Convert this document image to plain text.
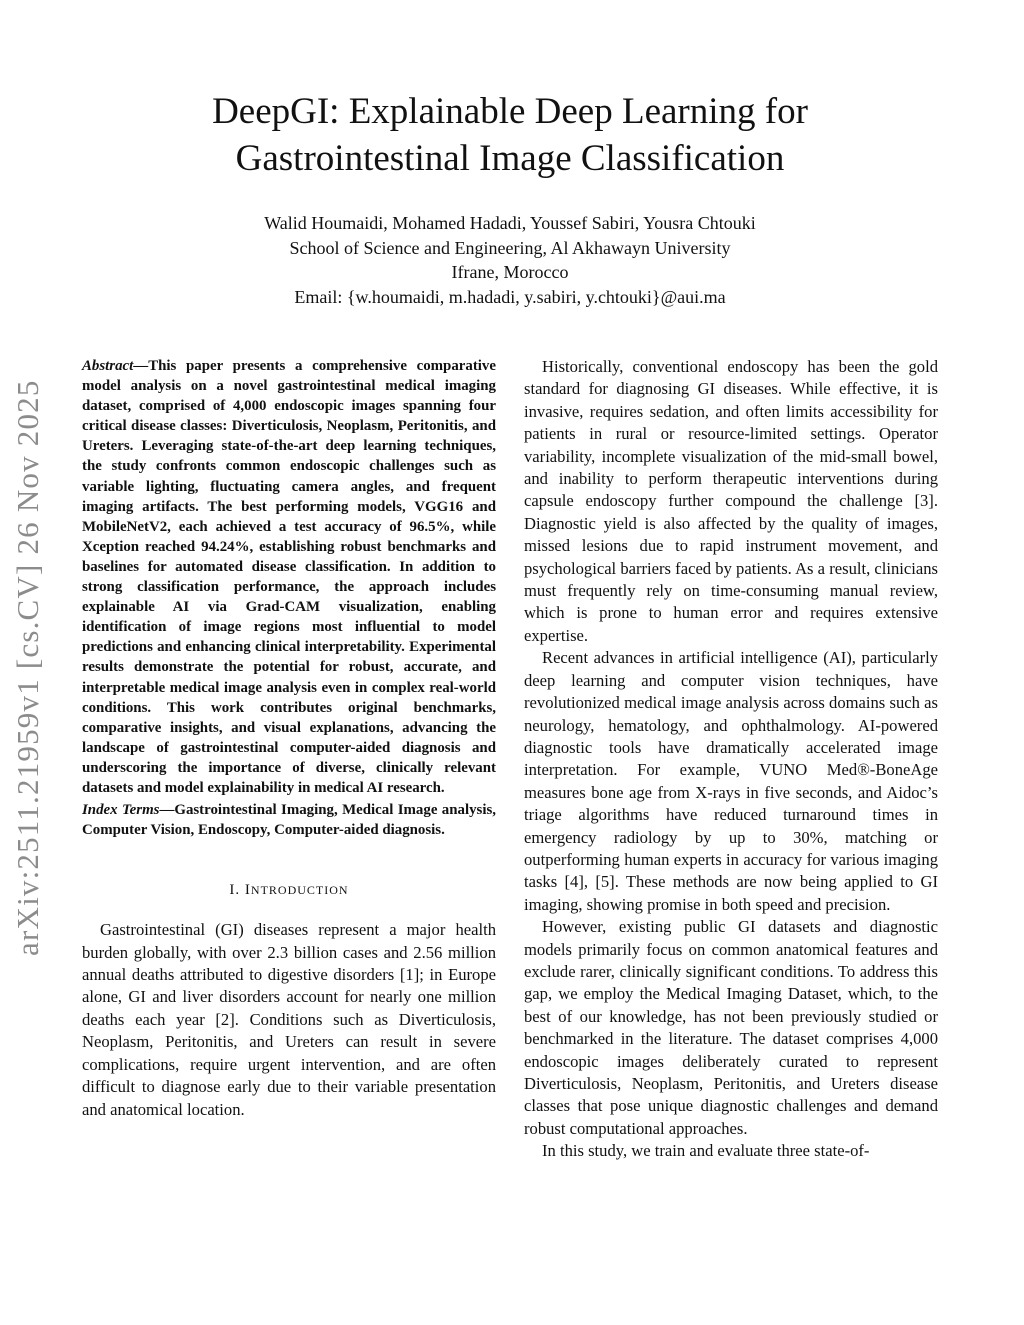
arXiv:2511.21959v1 [cs.CV] 26 Nov 2025
DeepGI: Explainable Deep Learning for
Gastrointestinal Image Classification
Walid Houmaidi, Mohamed Hadadi, Youssef Sabiri, Yousra Chtouki
School of Science and Engineering, Al Akhawayn University
Ifrane, Morocco
Email: {w.houmaidi, m.hadadi, y.sabiri, y.chtouki}@aui.ma

Abstract—This paper presents a comprehensive comparative model analysis on a novel gastrointestinal medical imaging dataset, comprised of 4,000 endoscopic images spanning four critical disease classes: Diverticulosis, Neoplasm, Peritonitis, and Ureters. Leveraging state-of-the-art deep learning techniques, the study confronts common endoscopic challenges such as variable lighting, fluctuating camera angles, and frequent imaging artifacts. The best performing models, VGG16 and MobileNetV2, each achieved a test accuracy of 96.5%, while Xception reached 94.24%, establishing robust benchmarks and baselines for automated disease classification. In addition to strong classification performance, the approach includes explainable AI via Grad-CAM visualization, enabling identification of image regions most influential to model predictions and enhancing clinical interpretability. Experimental results demonstrate the potential for robust, accurate, and interpretable medical image analysis even in complex real-world conditions. This work contributes original benchmarks, comparative insights, and visual explanations, advancing the landscape of gastrointestinal computer-aided diagnosis and underscoring the importance of diverse, clinically relevant datasets and model explainability in medical AI research.

Index Terms—Gastrointestinal Imaging, Medical Image analysis, Computer Vision, Endoscopy, Computer-aided diagnosis.

I. INTRODUCTION

Gastrointestinal (GI) diseases represent a major health burden globally, with over 2.3 billion cases and 2.56 million annual deaths attributed to digestive disorders [1]; in Europe alone, GI and liver disorders account for nearly one million deaths each year [2]. Conditions such as Diverticulosis, Neoplasm, Peritonitis, and Ureters can result in severe complications, require urgent intervention, and are often difficult to diagnose early due to their variable presentation and anatomical location.

Historically, conventional endoscopy has been the gold standard for diagnosing GI diseases. While effective, it is invasive, requires sedation, and often limits accessibility for patients in rural or resource-limited settings. Operator variability, incomplete visualization of the mid-small bowel, and inability to perform therapeutic interventions during capsule endoscopy further compound the challenge [3]. Diagnostic yield is also affected by the quality of images, missed lesions due to rapid instrument movement, and psychological barriers faced by patients. As a result, clinicians must frequently rely on time-consuming manual review, which is prone to human error and requires extensive expertise.

Recent advances in artificial intelligence (AI), particularly deep learning and computer vision techniques, have revolutionized medical image analysis across domains such as neurology, hematology, and ophthalmology. AI-powered diagnostic tools have dramatically accelerated image interpretation. For example, VUNO Med®-BoneAge measures bone age from X-rays in five seconds, and Aidoc’s triage algorithms have reduced turnaround times in emergency radiology by up to 30%, matching or outperforming human experts in accuracy for various imaging tasks [4], [5]. These methods are now being applied to GI imaging, showing promise in both speed and precision.

However, existing public GI datasets and diagnostic models primarily focus on common anatomical features and exclude rarer, clinically significant conditions. To address this gap, we employ the Medical Imaging Dataset, which, to the best of our knowledge, has not been previously studied or benchmarked in the literature. The dataset comprises 4,000 endoscopic images deliberately curated to represent Diverticulosis, Neoplasm, Peritonitis, and Ureters disease classes that pose unique diagnostic challenges and demand robust computational approaches.

In this study, we train and evaluate three state-of-
